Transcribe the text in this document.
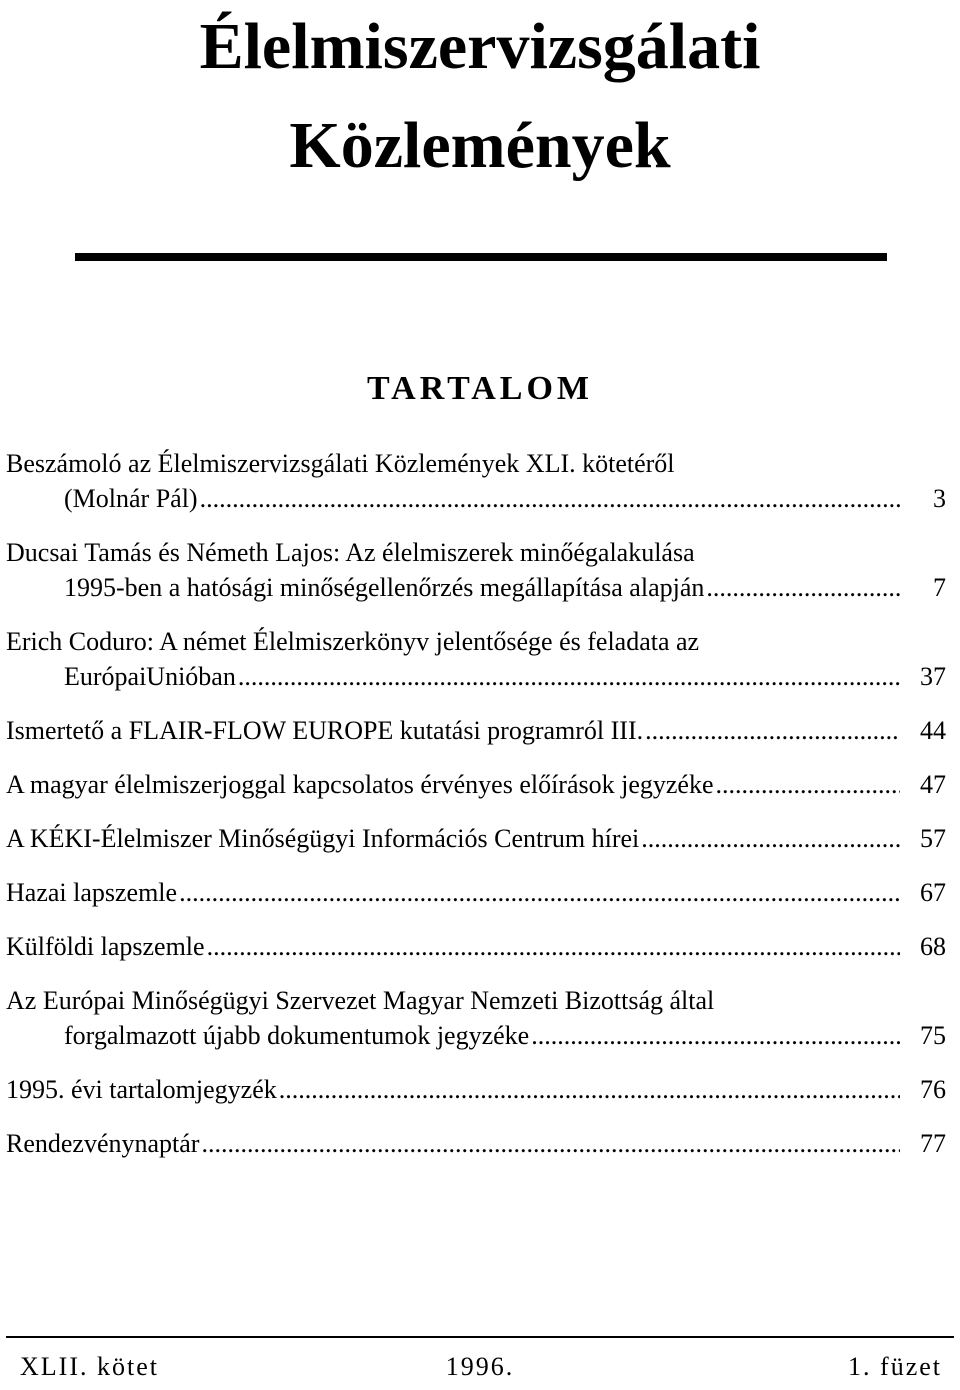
Élelmiszervizsgálati
Közlemények
TARTALOM
Beszámoló az Élelmiszervizsgálati Közlemények XLI. kötetéről
(Molnár Pál) .....	3
Ducsai Tamás és Németh Lajos: Az élelmiszerek minőégalakulása
1995-ben a hatósági minőségellenőrzés megállapítása alapján .....	7
Erich Coduro: A német Élelmiszerkönyv jelentősége és feladata az
EurópaiUnióban .....	37
Ismertető a FLAIR-FLOW EUROPE kutatási programról III. .....	44
A magyar élelmiszerjoggal kapcsolatos érvényes előírások jegyzéke .....	47
A KÉKI-Élelmiszer Minőségügyi Információs Centrum hírei .....	57
Hazai lapszemle .....	67
Külföldi lapszemle .....	68
Az Európai Minőségügyi Szervezet Magyar Nemzeti Bizottság által
forgalmazott újabb dokumentumok jegyzéke .....	75
1995. évi tartalomjegyzék .....	76
Rendezvénynaptár .....	77
XLII. kötet	1996.	1. füzet
